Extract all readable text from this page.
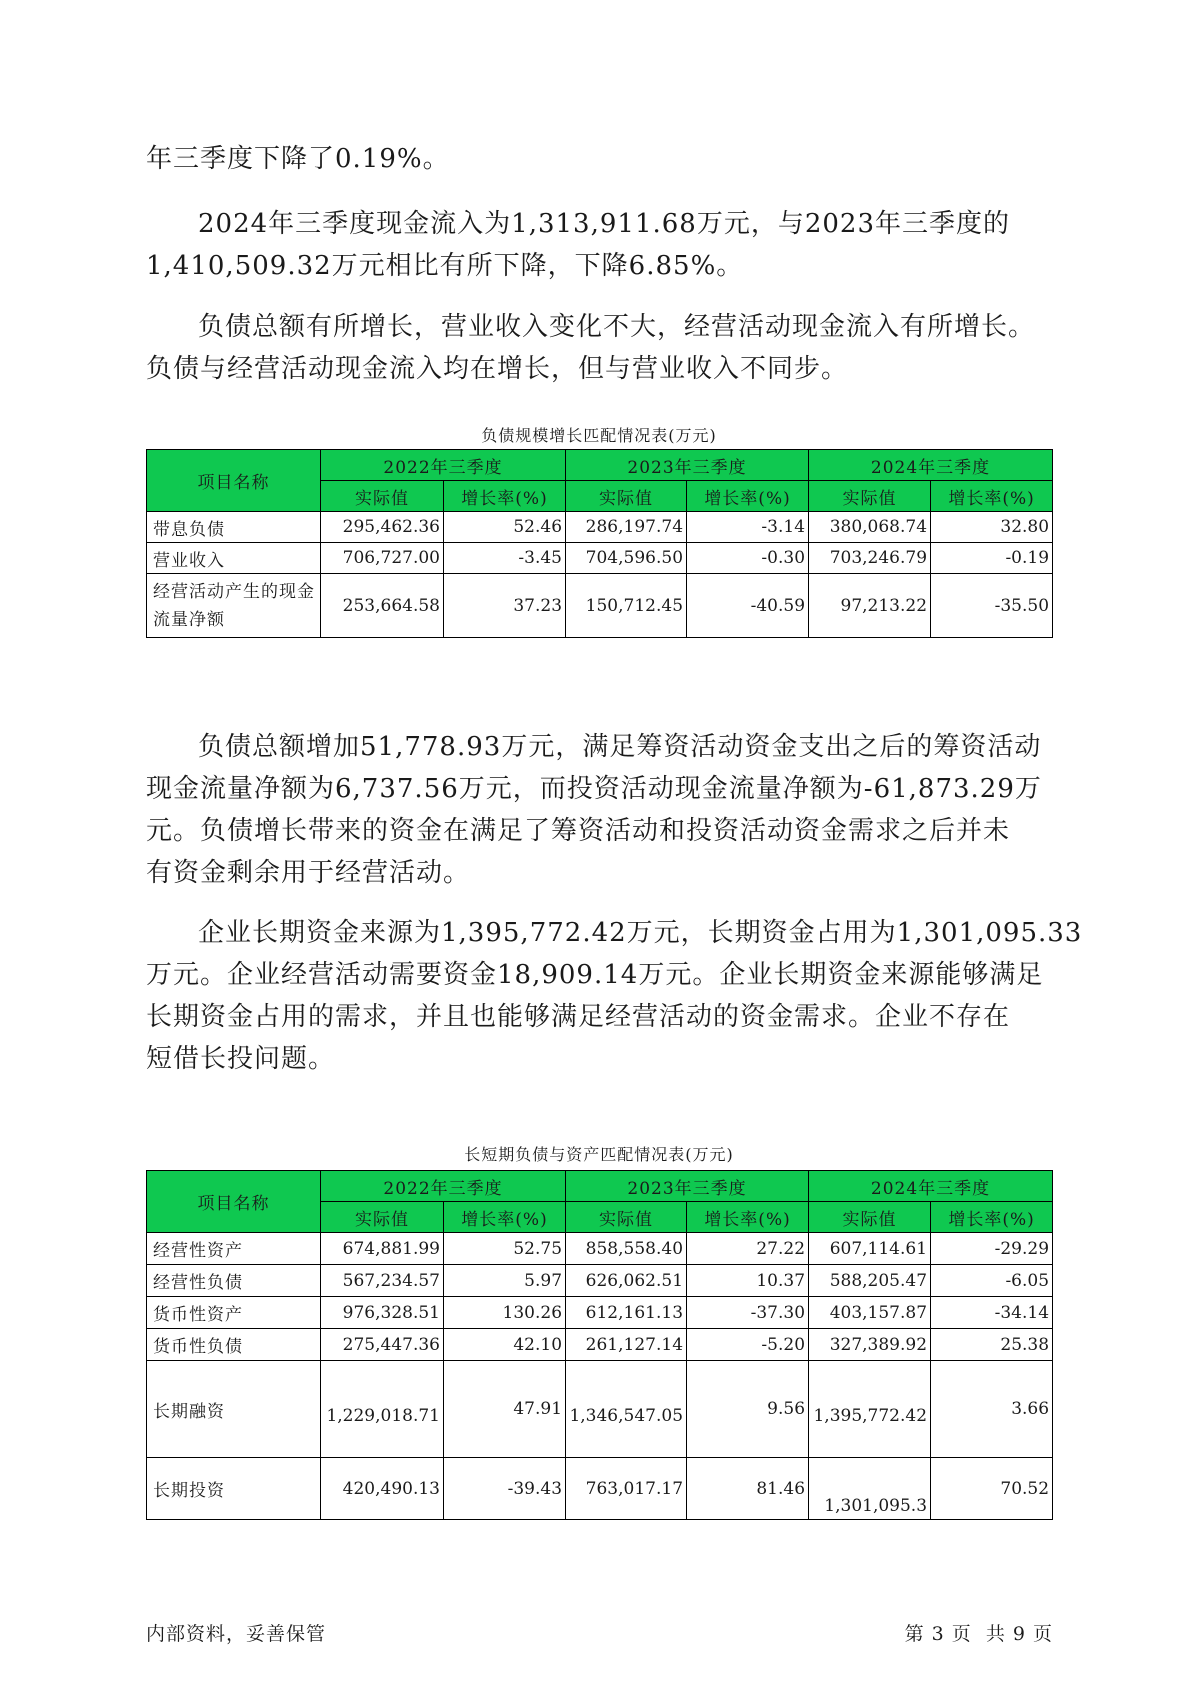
年三季度下降了0.19%。

2024年三季度现金流入为1,313,911.68万元，与2023年三季度的
1,410,509.32万元相比有所下降，下降6.85%。

负债总额有所增长，营业收入变化不大，经营活动现金流入有所增长。
负债与经营活动现金流入均在增长，但与营业收入不同步。

负债规模增长匹配情况表(万元)
项目名称	2022年三季度		2023年三季度		2024年三季度	
	实际值	增长率(%)	实际值	增长率(%)	实际值	增长率(%)
带息负债	295,462.36	52.46	286,197.74	-3.14	380,068.74	32.80
营业收入	706,727.00	-3.45	704,596.50	-0.30	703,246.79	-0.19
经营活动产生的现金流量净额	253,664.58	37.23	150,712.45	-40.59	97,213.22	-35.50

负债总额增加51,778.93万元，满足筹资活动资金支出之后的筹资活动
现金流量净额为6,737.56万元，而投资活动现金流量净额为-61,873.29万
元。负债增长带来的资金在满足了筹资活动和投资活动资金需求之后并未
有资金剩余用于经营活动。

企业长期资金来源为1,395,772.42万元，长期资金占用为1,301,095.33
万元。企业经营活动需要资金18,909.14万元。企业长期资金来源能够满足
长期资金占用的需求，并且也能够满足经营活动的资金需求。企业不存在
短借长投问题。

长短期负债与资产匹配情况表(万元)
项目名称	2022年三季度		2023年三季度		2024年三季度	
	实际值	增长率(%)	实际值	增长率(%)	实际值	增长率(%)
经营性资产	674,881.99	52.75	858,558.40	27.22	607,114.61	-29.29
经营性负债	567,234.57	5.97	626,062.51	10.37	588,205.47	-6.05
货币性资产	976,328.51	130.26	612,161.13	-37.30	403,157.87	-34.14
货币性负债	275,447.36	42.10	261,127.14	-5.20	327,389.92	25.38
长期融资	1,229,018.71	47.91	1,346,547.05	9.56	1,395,772.42	3.66
长期投资	420,490.13	-39.43	763,017.17	81.46	1,301,095.3	70.52
内部资料，妥善保管	第 3 页  共 9 页
